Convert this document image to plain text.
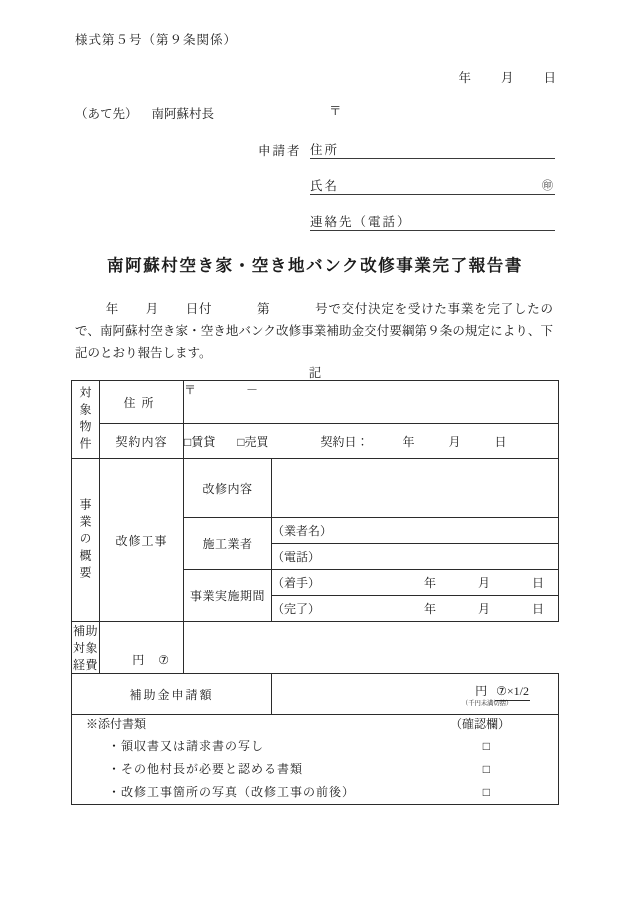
様式第５号（第９条関係）
年 月 日
（あて先） 南阿蘇村長	〒
申請者 住所
氏名	㊞
連絡先（電話）
南阿蘇村空き家・空き地バンク改修事業完了報告書
年 月 日付	第	号で交付決定を受けた事業を完了したので、南阿蘇村空き家・空き地バンク改修事業補助金交付要綱第９条の規定により、下記のとおり報告します。
記
対象物件	住所	〒 －	
	契約内容	□賃貸 □売買 契約日： 年 月 日	

事業の概要	改修工事	改修内容	
		施工業者	（業者名）
			（電話）
		事業実施期間	（着手） 年 月 日
			（完了） 年 月 日
補助対象経費	円 ⑦		

補助金申請額			円 ⑦×1/2
（千円未満切捨）

※添付書類	（確認欄）
・領収書又は請求書の写し	□
・その他村長が必要と認める書類	□
・改修工事箇所の写真（改修工事の前後）	□
